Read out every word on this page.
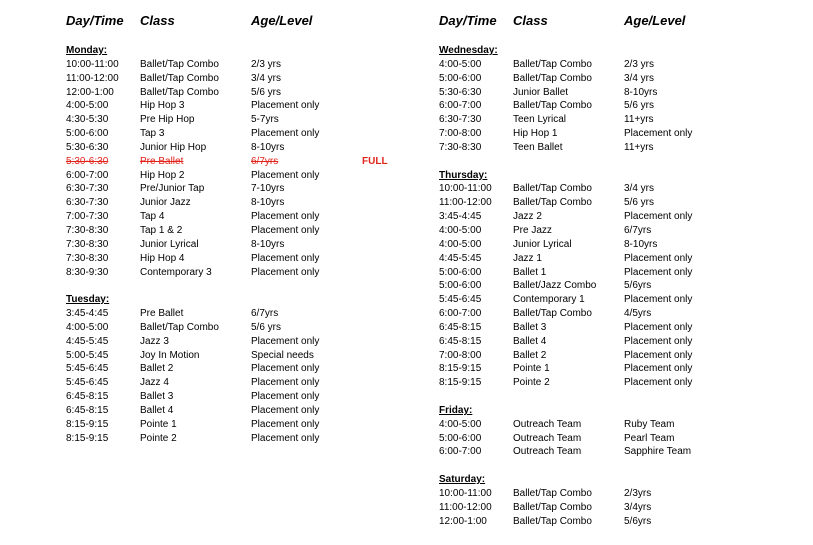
Day/Time Class	Age/Level
Monday:
10:00-11:00 Ballet/Tap Combo	2/3 yrs
11:00-12:00 Ballet/Tap Combo	3/4 yrs
12:00-1:00	Ballet/Tap Combo	5/6 yrs
4:00-5:00	Hip Hop 3	Placement only
4:30-5:30	Pre Hip Hop	5-7yrs
5:00-6:00	Tap 3	Placement only
5:30-6:30	Junior Hip Hop	8-10yrs
5:30-6:30	Pre Ballet	6/7yrs	FULL
6:00-7:00	Hip Hop 2	Placement only
6:30-7:30	Pre/Junior Tap	7-10yrs
6:30-7:30	Junior Jazz	8-10yrs
7:00-7:30	Tap 4	Placement only
7:30-8:30	Tap 1 & 2	Placement only
7:30-8:30	Junior Lyrical	8-10yrs
7:30-8:30	Hip Hop 4	Placement only
8:30-9:30	Contemporary 3	Placement only
Tuesday:
3:45-4:45	Pre Ballet	6/7yrs
4:00-5:00	Ballet/Tap Combo	5/6 yrs
4:45-5:45	Jazz 3	Placement only
5:00-5:45	Joy In Motion	Special needs
5:45-6:45	Ballet 2	Placement only
5:45-6:45	Jazz 4	Placement only
6:45-8:15	Ballet 3	Placement only
6:45-8:15	Ballet 4	Placement only
8:15-9:15	Pointe 1	Placement only
8:15-9:15	Pointe 2	Placement only
Day/Time Class	Age/Level
Wednesday:
4:00-5:00	Ballet/Tap Combo	2/3 yrs
5:00-6:00	Ballet/Tap Combo	3/4 yrs
5:30-6:30	Junior Ballet	8-10yrs
6:00-7:00	Ballet/Tap Combo	5/6 yrs
6:30-7:30	Teen Lyrical	11+yrs
7:00-8:00	Hip Hop 1	Placement only
7:30-8:30	Teen Ballet	11+yrs
Thursday:
10:00-11:00 Ballet/Tap Combo	3/4 yrs
11:00-12:00 Ballet/Tap Combo	5/6 yrs
3:45-4:45	Jazz 2	Placement only
4:00-5:00	Pre Jazz	6/7yrs
4:00-5:00	Junior Lyrical	8-10yrs
4:45-5:45	Jazz 1	Placement only
5:00-6:00	Ballet 1	Placement only
5:00-6:00	Ballet/Jazz Combo	5/6yrs
5:45-6:45	Contemporary 1	Placement only
6:00-7:00	Ballet/Tap Combo	4/5yrs
6:45-8:15	Ballet 3	Placement only
6:45-8:15	Ballet 4	Placement only
7:00-8:00	Ballet 2	Placement only
8:15-9:15	Pointe 1	Placement only
8:15-9:15	Pointe 2	Placement only
Friday:
4:00-5:00	Outreach Team	Ruby Team
5:00-6:00	Outreach Team	Pearl Team
6:00-7:00	Outreach Team	Sapphire Team
Saturday:
10:00-11:00 Ballet/Tap Combo	2/3yrs
11:00-12:00 Ballet/Tap Combo	3/4yrs
12:00-1:00	Ballet/Tap Combo	5/6yrs
